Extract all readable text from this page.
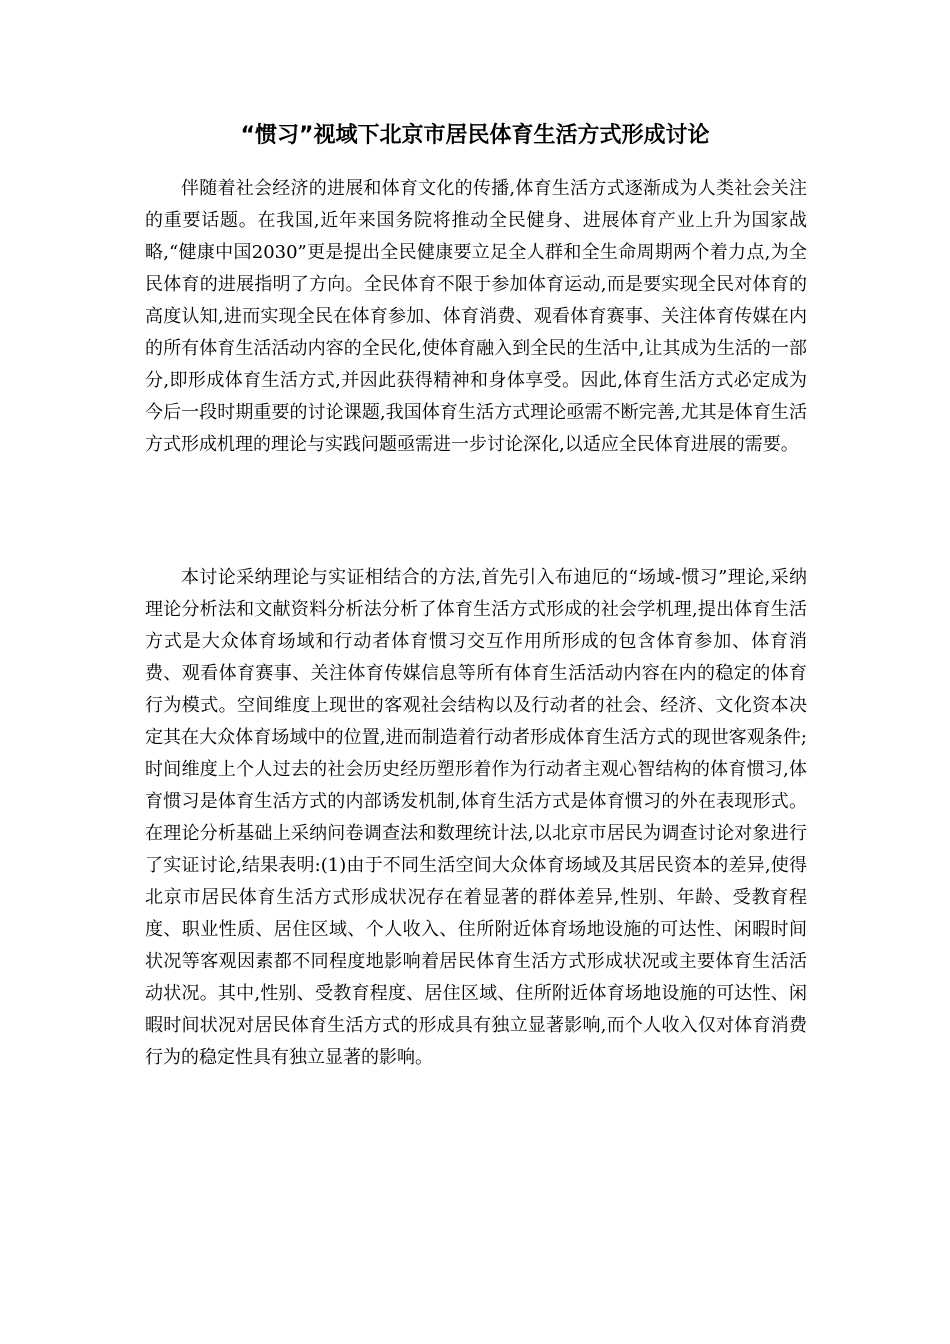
“惯习”视域下北京市居民体育生活方式形成讨论

伴随着社会经济的进展和体育文化的传播,体育生活方式逐渐成为人类社会关注的重要话题。在我国,近年来国务院将推动全民健身、进展体育产业上升为国家战略,“健康中国2030”更是提出全民健康要立足全人群和全生命周期两个着力点,为全民体育的进展指明了方向。全民体育不限于参加体育运动,而是要实现全民对体育的高度认知,进而实现全民在体育参加、体育消费、观看体育赛事、关注体育传媒在内的所有体育生活活动内容的全民化,使体育融入到全民的生活中,让其成为生活的一部分,即形成体育生活方式,并因此获得精神和身体享受。因此,体育生活方式必定成为今后一段时期重要的讨论课题,我国体育生活方式理论亟需不断完善,尤其是体育生活方式形成机理的理论与实践问题亟需进一步讨论深化,以适应全民体育进展的需要。

本讨论采纳理论与实证相结合的方法,首先引入布迪厄的“场域-惯习”理论,采纳理论分析法和文献资料分析法分析了体育生活方式形成的社会学机理,提出体育生活方式是大众体育场域和行动者体育惯习交互作用所形成的包含体育参加、体育消费、观看体育赛事、关注体育传媒信息等所有体育生活活动内容在内的稳定的体育行为模式。空间维度上现世的客观社会结构以及行动者的社会、经济、文化资本决定其在大众体育场域中的位置,进而制造着行动者形成体育生活方式的现世客观条件;时间维度上个人过去的社会历史经历塑形着作为行动者主观心智结构的体育惯习,体育惯习是体育生活方式的内部诱发机制,体育生活方式是体育惯习的外在表现形式。在理论分析基础上采纳问卷调查法和数理统计法,以北京市居民为调查讨论对象进行了实证讨论,结果表明:(1)由于不同生活空间大众体育场域及其居民资本的差异,使得北京市居民体育生活方式形成状况存在着显著的群体差异,性别、年龄、受教育程度、职业性质、居住区域、个人收入、住所附近体育场地设施的可达性、闲暇时间状况等客观因素都不同程度地影响着居民体育生活方式形成状况或主要体育生活活动状况。其中,性别、受教育程度、居住区域、住所附近体育场地设施的可达性、闲暇时间状况对居民体育生活方式的形成具有独立显著影响,而个人收入仅对体育消费行为的稳定性具有独立显著的影响。
